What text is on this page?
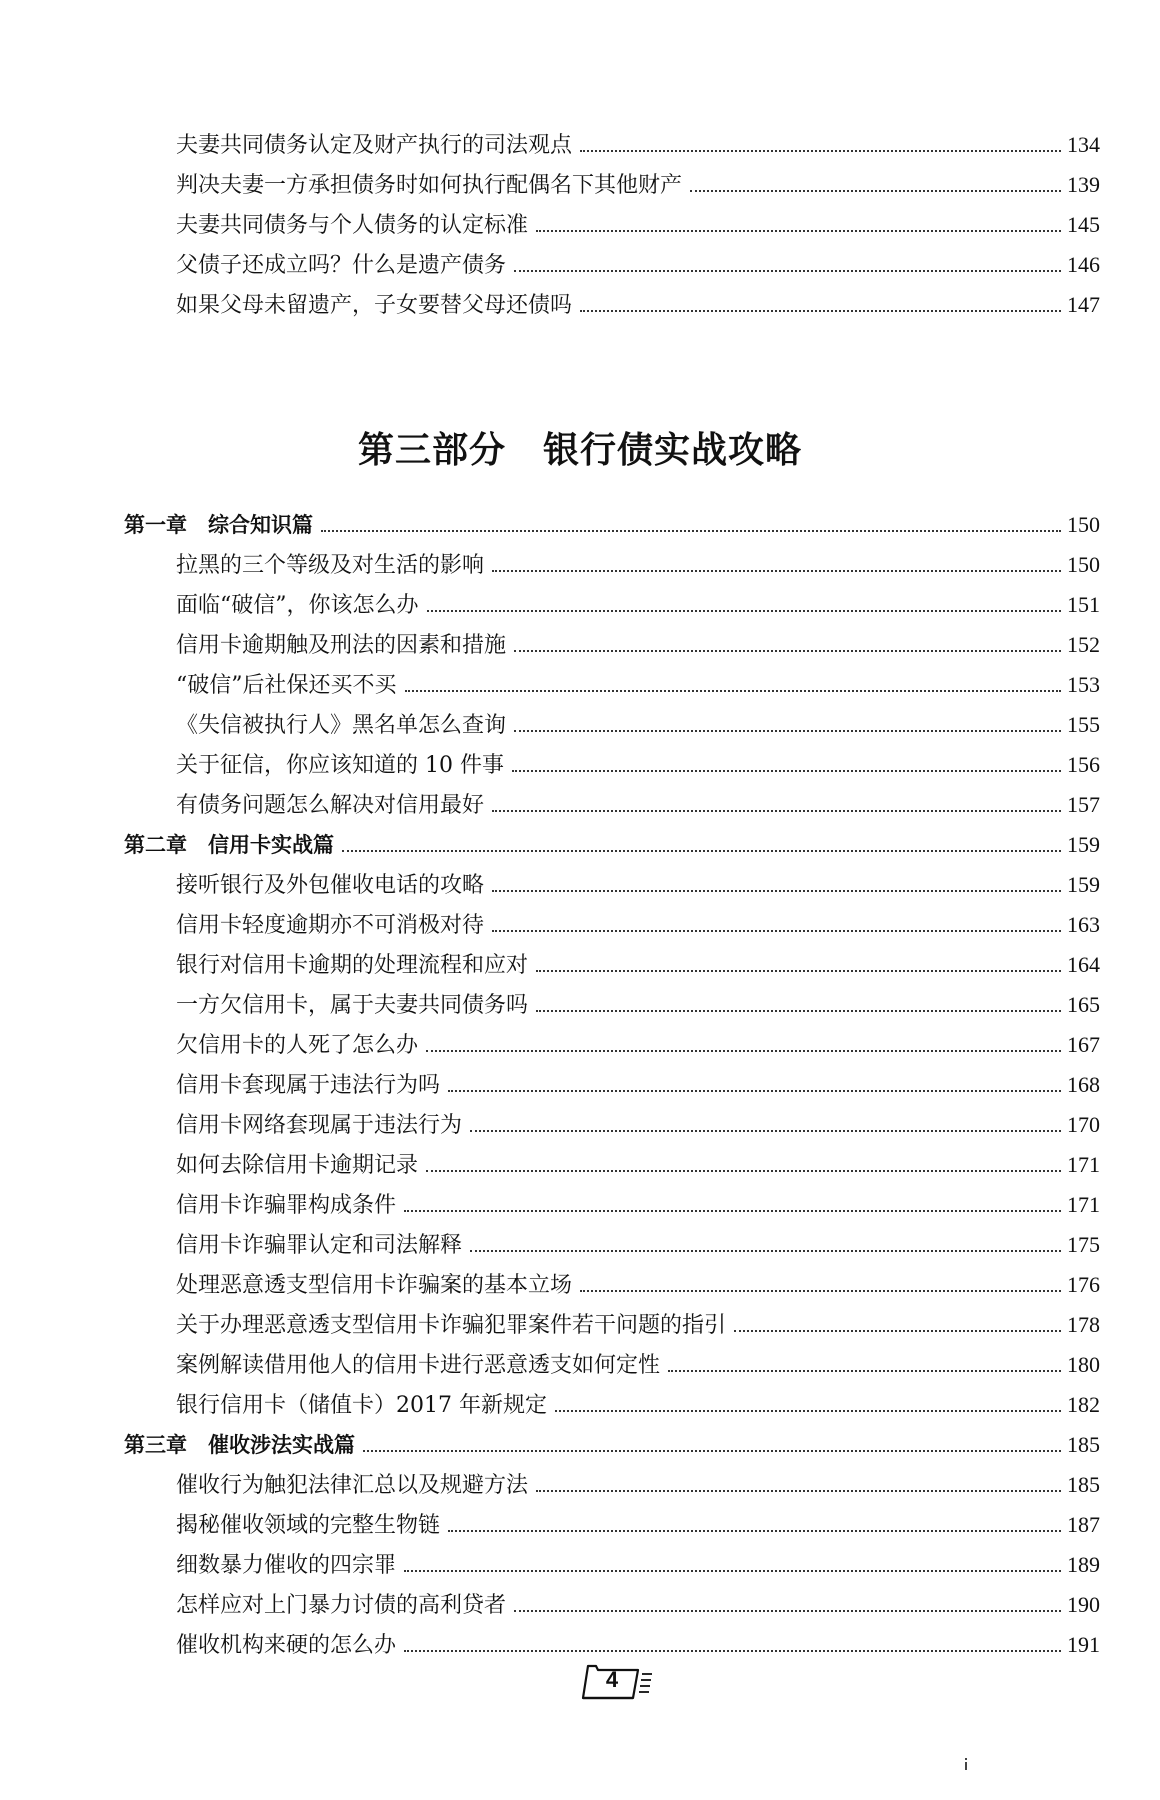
夫妻共同债务认定及财产执行的司法观点	134
判决夫妻一方承担债务时如何执行配偶名下其他财产	139
夫妻共同债务与个人债务的认定标准	145
父债子还成立吗？什么是遗产债务	146
如果父母未留遗产，子女要替父母还债吗	147
第三部分　银行债实战攻略
第一章　综合知识篇	150
拉黑的三个等级及对生活的影响	150
面临“破信”，你该怎么办	151
信用卡逾期触及刑法的因素和措施	152
“破信”后社保还买不买	153
《失信被执行人》黑名单怎么查询	155
关于征信，你应该知道的 10 件事	156
有债务问题怎么解决对信用最好	157
第二章　信用卡实战篇	159
接听银行及外包催收电话的攻略	159
信用卡轻度逾期亦不可消极对待	163
银行对信用卡逾期的处理流程和应对	164
一方欠信用卡，属于夫妻共同债务吗	165
欠信用卡的人死了怎么办	167
信用卡套现属于违法行为吗	168
信用卡网络套现属于违法行为	170
如何去除信用卡逾期记录	171
信用卡诈骗罪构成条件	171
信用卡诈骗罪认定和司法解释	175
处理恶意透支型信用卡诈骗案的基本立场	176
关于办理恶意透支型信用卡诈骗犯罪案件若干问题的指引	178
案例解读借用他人的信用卡进行恶意透支如何定性	180
银行信用卡（储值卡）2017 年新规定	182
第三章　催收涉法实战篇	185
催收行为触犯法律汇总以及规避方法	185
揭秘催收领域的完整生物链	187
细数暴力催收的四宗罪	189
怎样应对上门暴力讨债的高利贷者	190
催收机构来硬的怎么办	191
4
